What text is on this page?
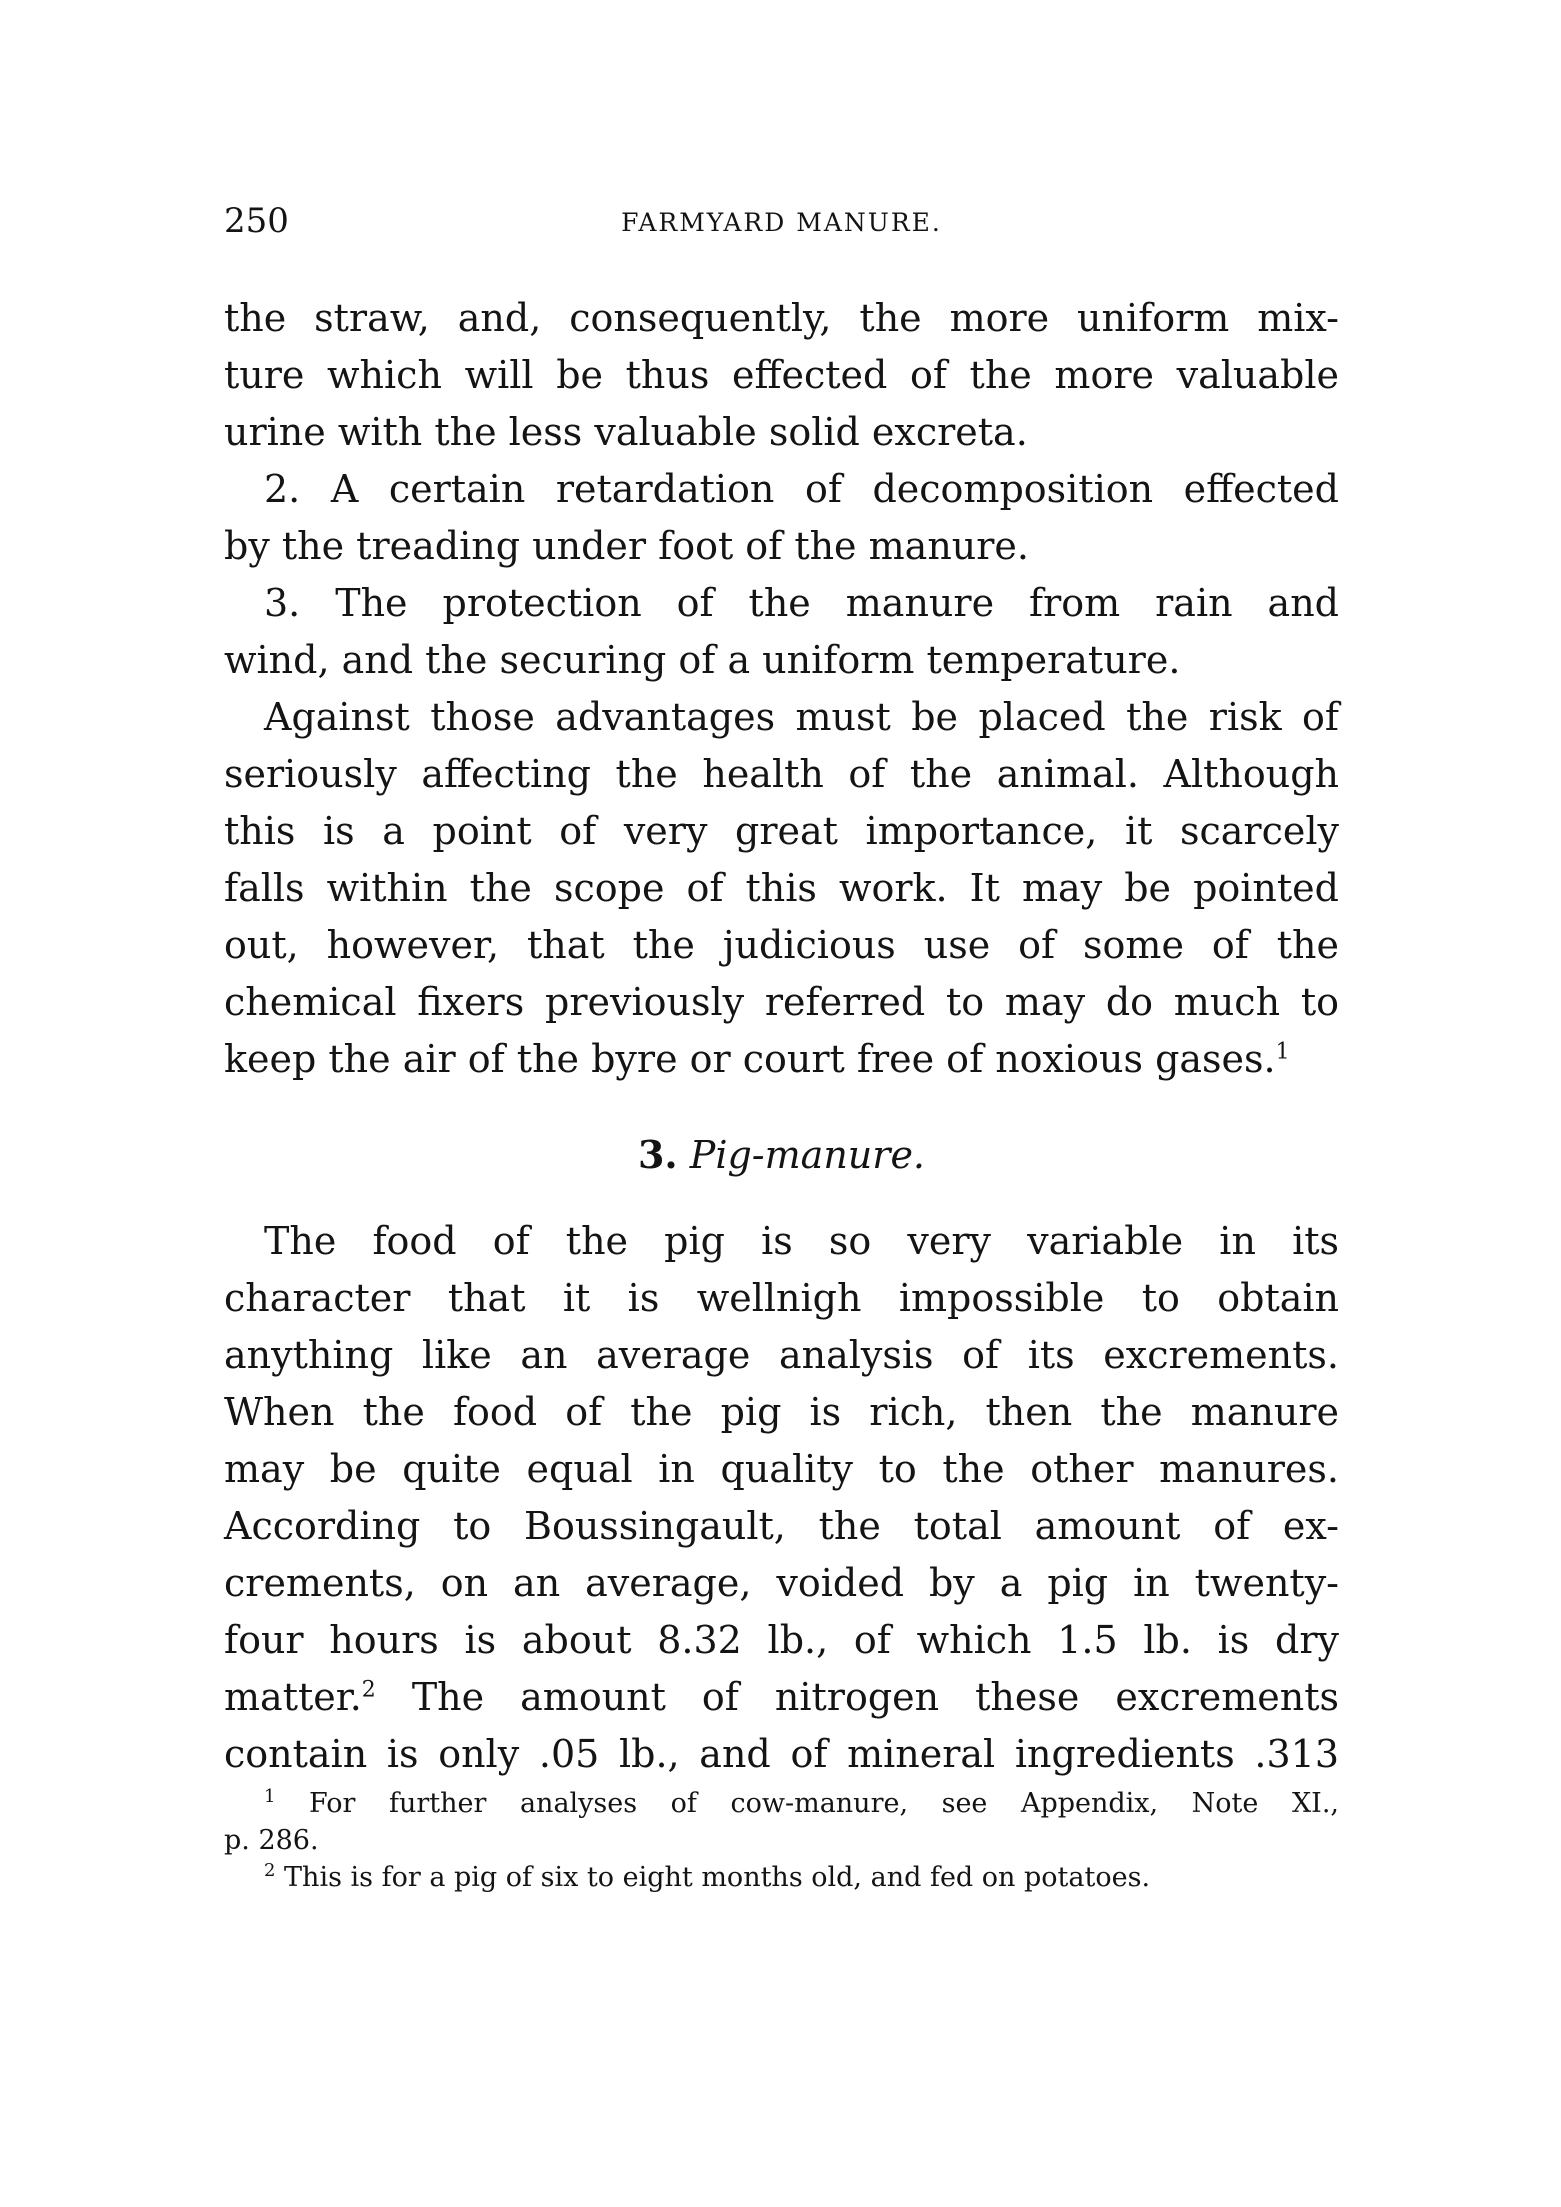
250	FARMYARD MANURE.
the straw, and, consequently, the more uniform mix-
ture which will be thus effected of the more valuable
urine with the less valuable solid excreta.
2. A certain retardation of decomposition effected
by the treading under foot of the manure.
3. The protection of the manure from rain and
wind, and the securing of a uniform temperature.
Against those advantages must be placed the risk of
seriously affecting the health of the animal. Although
this is a point of very great importance, it scarcely
falls within the scope of this work. It may be pointed
out, however, that the judicious use of some of the
chemical fixers previously referred to may do much to
keep the air of the byre or court free of noxious gases.$^1$
3. Pig-manure.
The food of the pig is so very variable in its
character that it is wellnigh impossible to obtain
anything like an average analysis of its excrements.
When the food of the pig is rich, then the manure
may be quite equal in quality to the other manures.
According to Boussingault, the total amount of ex-
crements, on an average, voided by a pig in twenty-
four hours is about 8.32 lb., of which 1.5 lb. is dry
matter.$^2$ The amount of nitrogen these excrements
contain is only .05 lb., and of mineral ingredients .313
$^1$ For further analyses of cow-manure, see Appendix, Note XI.,
p. 286.
$^2$ This is for a pig of six to eight months old, and fed on potatoes.
